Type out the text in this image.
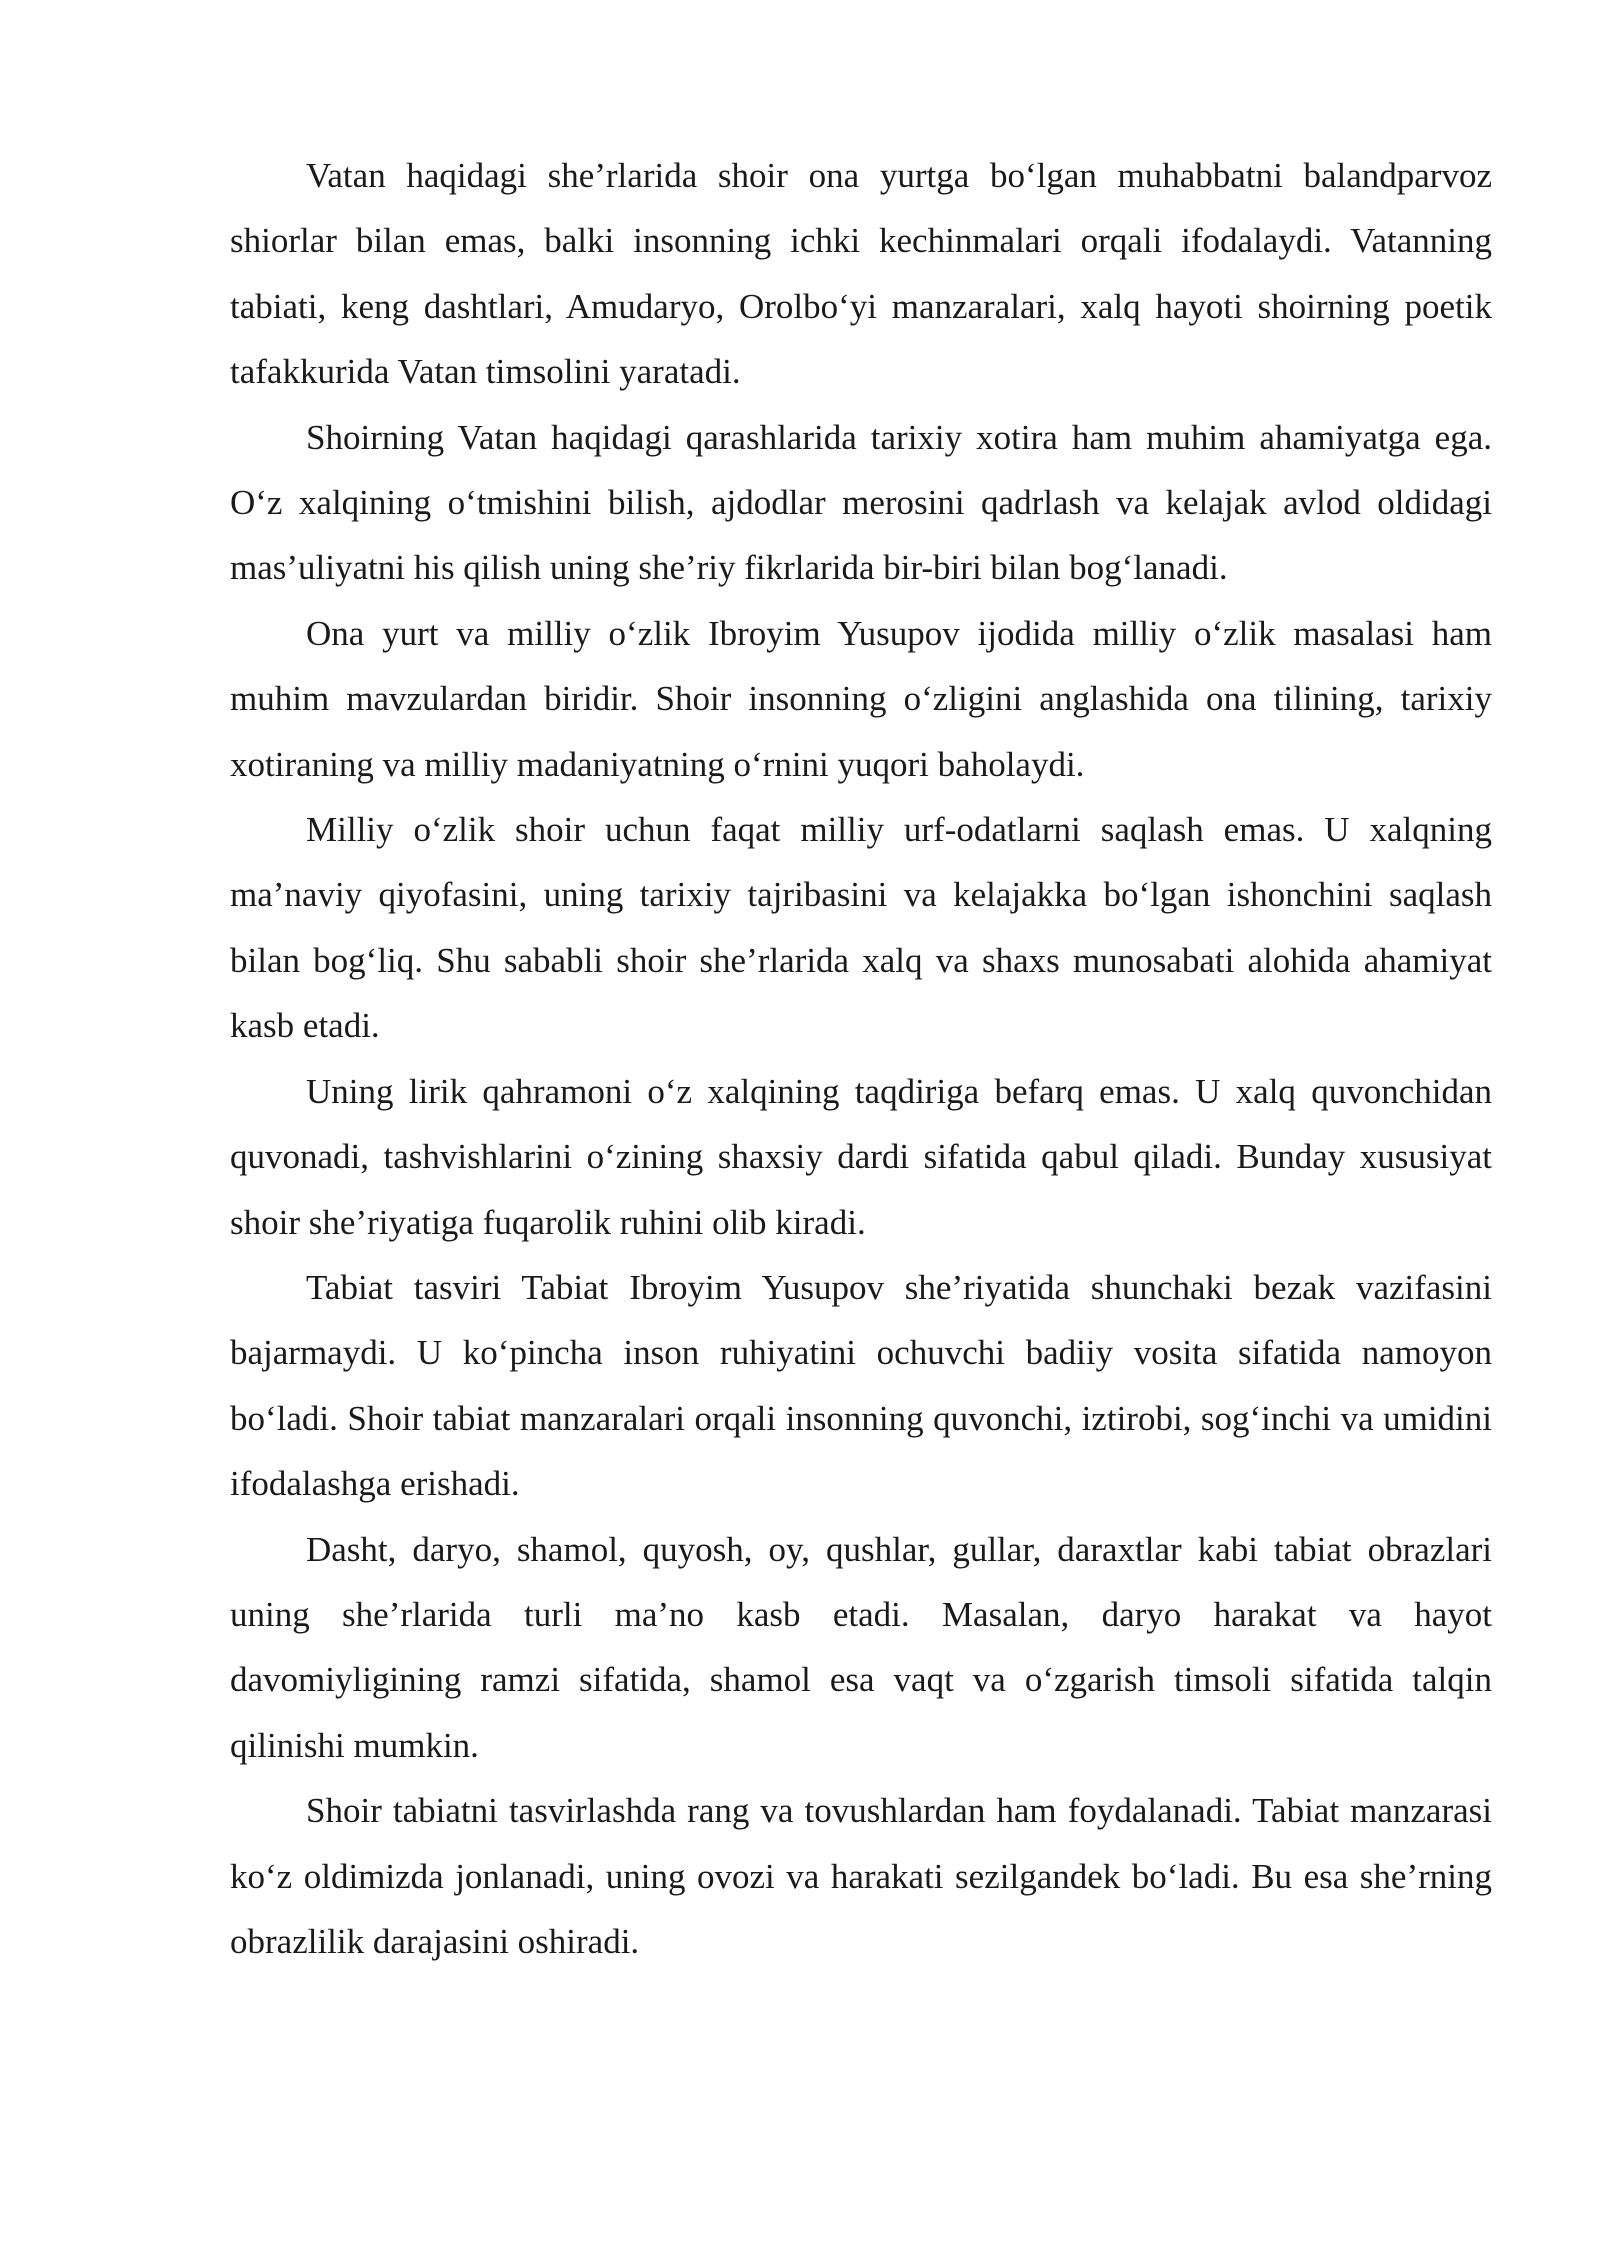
Vatan haqidagi she’rlarida shoir ona yurtga bo‘lgan muhabbatni balandparvoz shiorlar bilan emas, balki insonning ichki kechinmalari orqali ifodalaydi. Vatanning tabiati, keng dashtlari, Amudaryo, Orolbo‘yi manzaralari, xalq hayoti shoirning poetik tafakkurida Vatan timsolini yaratadi.

Shoirning Vatan haqidagi qarashlarida tarixiy xotira ham muhim ahamiyatga ega. O‘z xalqining o‘tmishini bilish, ajdodlar merosini qadrlash va kelajak avlod oldidagi mas’uliyatni his qilish uning she’riy fikrlarida bir-biri bilan bog‘lanadi.

Ona yurt va milliy o‘zlik Ibroyim Yusupov ijodida milliy o‘zlik masalasi ham muhim mavzulardan biridir. Shoir insonning o‘zligini anglashida ona tilining, tarixiy xotiraning va milliy madaniyatning o‘rnini yuqori baholaydi.

Milliy o‘zlik shoir uchun faqat milliy urf-odatlarni saqlash emas. U xalqning ma’naviy qiyofasini, uning tarixiy tajribasini va kelajakka bo‘lgan ishonchini saqlash bilan bog‘liq. Shu sababli shoir she’rlarida xalq va shaxs munosabati alohida ahamiyat kasb etadi.

Uning lirik qahramoni o‘z xalqining taqdiriga befarq emas. U xalq quvonchidan quvonadi, tashvishlarini o‘zining shaxsiy dardi sifatida qabul qiladi. Bunday xususiyat shoir she’riyatiga fuqarolik ruhini olib kiradi.

Tabiat tasviri Tabiat Ibroyim Yusupov she’riyatida shunchaki bezak vazifasini bajarmaydi. U ko‘pincha inson ruhiyatini ochuvchi badiiy vosita sifatida namoyon bo‘ladi. Shoir tabiat manzaralari orqali insonning quvonchi, iztirobi, sog‘inchi va umidini ifodalashga erishadi.

Dasht, daryo, shamol, quyosh, oy, qushlar, gullar, daraxtlar kabi tabiat obrazlari uning she’rlarida turli ma’no kasb etadi. Masalan, daryo harakat va hayot davomiyligining ramzi sifatida, shamol esa vaqt va o‘zgarish timsoli sifatida talqin qilinishi mumkin.

Shoir tabiatni tasvirlashda rang va tovushlardan ham foydalanadi. Tabiat manzarasi ko‘z oldimizda jonlanadi, uning ovozi va harakati sezilgandek bo‘ladi. Bu esa she’rning obrazlilik darajasini oshiradi.
